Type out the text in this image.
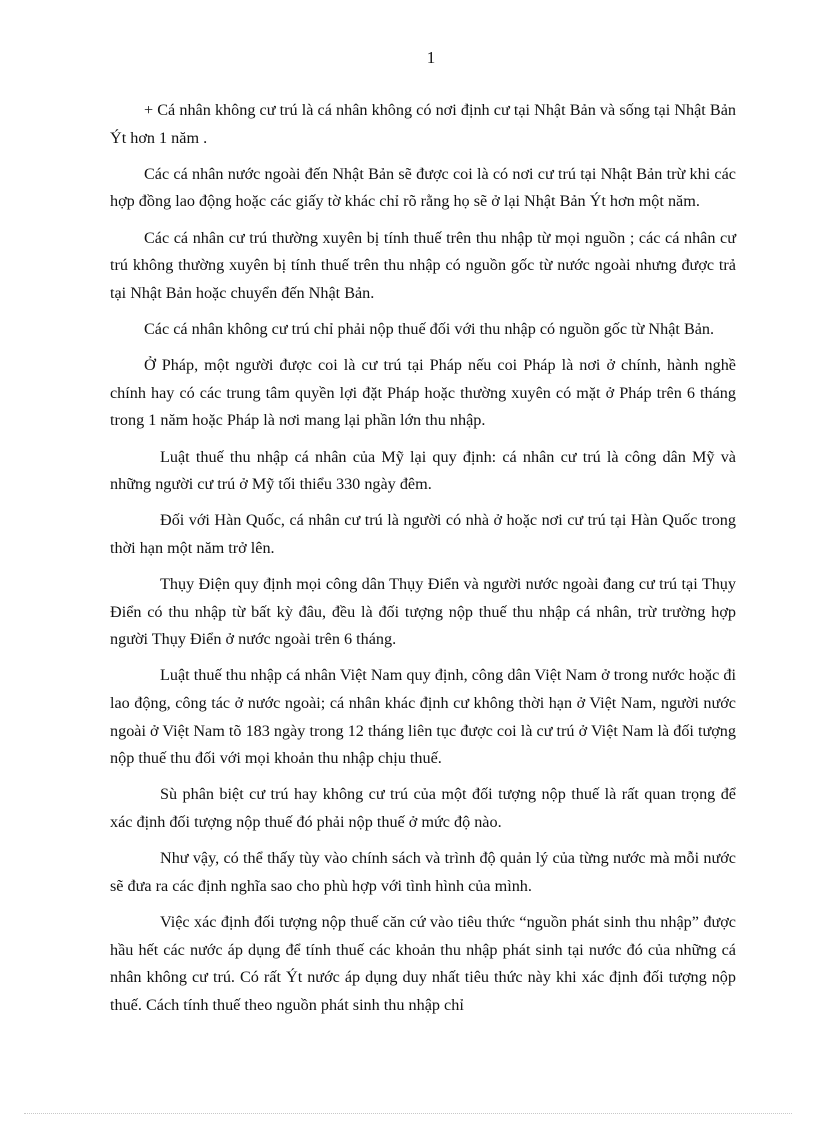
1

+ Cá nhân không cư trú là cá nhân không có nơi định cư tại Nhật Bản và sống tại Nhật Bản Ýt hơn 1 năm .

Các cá nhân nước ngoài đến Nhật Bản sẽ được coi là có nơi cư trú tại Nhật Bản trừ khi các hợp đồng lao động hoặc các giấy tờ khác chỉ rõ rằng họ sẽ ở lại Nhật Bản Ýt hơn một năm.

Các cá nhân cư trú thường xuyên bị tính thuế trên thu nhập từ mọi nguồn ; các cá nhân cư trú không thường xuyên bị tính thuế trên thu nhập có nguồn gốc từ nước ngoài nhưng được trả tại Nhật Bản hoặc chuyển đến Nhật Bản.

Các cá nhân không cư trú chỉ phải nộp thuế đối với thu nhập có nguồn gốc từ Nhật Bản.

Ở Pháp, một người được coi là cư trú tại Pháp nếu coi Pháp là nơi ở chính, hành nghề chính hay có các trung tâm quyền lợi đặt Pháp hoặc thường xuyên có mặt ở Pháp trên 6 tháng trong 1 năm hoặc Pháp là nơi mang lại phần lớn thu nhập.

Luật thuế thu nhập cá nhân của Mỹ lại quy định: cá nhân cư trú là công dân Mỹ và những người cư trú ở Mỹ tối thiểu 330 ngày đêm.

Đối với Hàn Quốc, cá nhân cư trú là người có nhà ở hoặc nơi cư trú tại Hàn Quốc trong thời hạn một năm trở lên.

Thụy Điện quy định mọi công dân Thụy Điển và người nước ngoài đang cư trú tại Thụy Điển có thu nhập từ bất kỳ đâu, đều là đối tượng nộp thuế thu nhập cá nhân, trừ trường hợp người Thụy Điển ở nước ngoài trên 6 tháng.

Luật thuế thu nhập cá nhân Việt Nam quy định, công dân Việt Nam ở trong nước hoặc đi lao động, công tác ở nước ngoài; cá nhân khác định cư không thời hạn ở Việt Nam, người nước ngoài ở Việt Nam tõ 183 ngày trong 12 tháng liên tục được coi là cư trú ở Việt Nam là đối tượng nộp thuế thu đối với mọi khoản thu nhập chịu thuế.

Sù phân biệt cư trú hay không cư trú của một đối tượng nộp thuế là rất quan trọng để xác định đối tượng nộp thuế đó phải nộp thuế ở mức độ nào.

Như vậy, có thể thấy tùy vào chính sách và trình độ quản lý của từng nước mà mỗi nước sẽ đưa ra các định nghĩa sao cho phù hợp với tình hình của mình.

Việc xác định đối tượng nộp thuế căn cứ vào tiêu thức “nguồn phát sinh thu nhập” được hầu hết các nước áp dụng để tính thuế các khoản thu nhập phát sinh tại nước đó của những cá nhân không cư trú. Có rất Ýt nước áp dụng duy nhất tiêu thức này khi xác định đối tượng nộp thuế. Cách tính thuế theo nguồn phát sinh thu nhập chỉ
